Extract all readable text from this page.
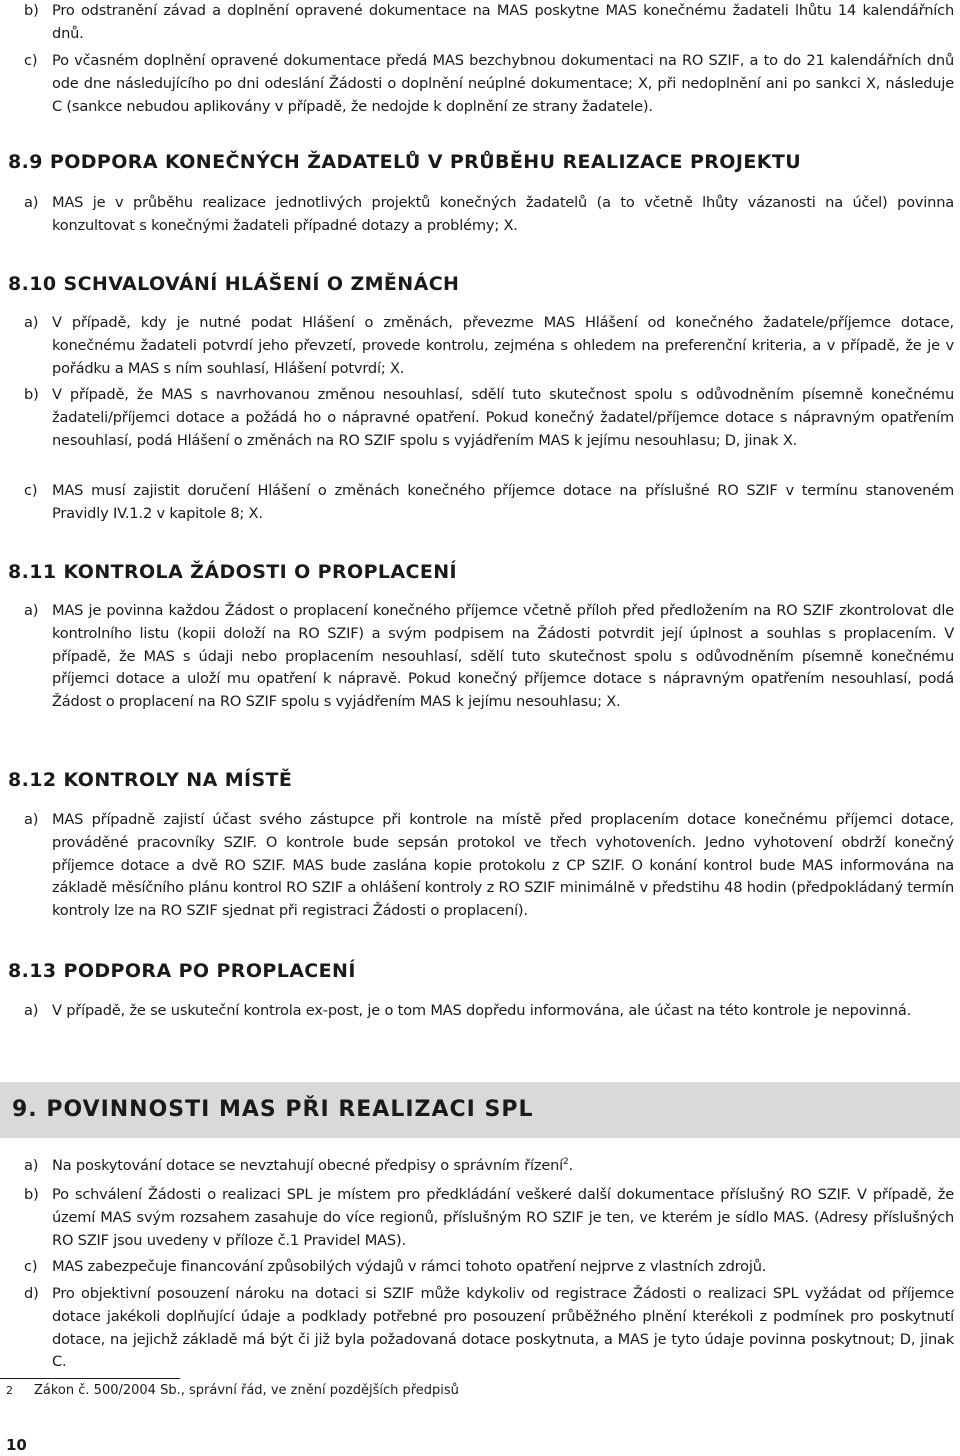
b) Pro odstranění závad a doplnění opravené dokumentace na MAS poskytne MAS konečnému žadateli lhůtu 14 kalendářních dnů.
c) Po včasném doplnění opravené dokumentace předá MAS bezchybnou dokumentaci na RO SZIF, a to do 21 kalendářních dnů ode dne následujícího po dni odeslání Žádosti o doplnění neúplné dokumentace; X, při nedoplnění ani po sankci X, následuje C (sankce nebudou aplikovány v případě, že nedojde k doplnění ze strany žadatele).
8.9 PODPORA KONEČNÝCH ŽADATELŮ V PRŮBĚHU REALIZACE PROJEKTU
a) MAS je v průběhu realizace jednotlivých projektů konečných žadatelů (a to včetně lhůty vázanosti na účel) povinna konzultovat s konečnými žadateli případné dotazy a problémy; X.
8.10 SCHVALOVÁNÍ HLÁŠENÍ O ZMĚNÁCH
a) V případě, kdy je nutné podat Hlášení o změnách, převezme MAS Hlášení od konečného žadatele/příjemce dotace, konečnému žadateli potvrdí jeho převzetí, provede kontrolu, zejména s ohledem na preferenční kriteria, a v případě, že je v pořádku a MAS s ním souhlasí, Hlášení potvrdí; X.
b) V případě, že MAS s navrhovanou změnou nesouhlasí, sdělí tuto skutečnost spolu s odůvodněním písemně konečnému žadateli/příjemci dotace a požádá ho o nápravné opatření. Pokud konečný žadatel/příjemce dotace s nápravným opatřením nesouhlasí, podá Hlášení o změnách na RO SZIF spolu s vyjádřením MAS k jejímu nesouhlasu; D, jinak X.
c) MAS musí zajistit doručení Hlášení o změnách konečného příjemce dotace na příslušné RO SZIF v termínu stanoveném Pravidly IV.1.2 v kapitole 8; X.
8.11 KONTROLA ŽÁDOSTI O PROPLACENÍ
a) MAS je povinna každou Žádost o proplacení konečného příjemce včetně příloh před předložením na RO SZIF zkontrolovat dle kontrolního listu (kopii doloží na RO SZIF) a svým podpisem na Žádosti potvrdit její úplnost a souhlas s proplacením. V případě, že MAS s údaji nebo proplacením nesouhlasí, sdělí tuto skutečnost spolu s odůvodněním písemně konečnému příjemci dotace a uloží mu opatření k nápravě. Pokud konečný příjemce dotace s nápravným opatřením nesouhlasí, podá Žádost o proplacení na RO SZIF spolu s vyjádřením MAS k jejímu nesouhlasu; X.
8.12 KONTROLY NA MÍSTĚ
a) MAS případně zajistí účast svého zástupce při kontrole na místě před proplacením dotace konečnému příjemci dotace, prováděné pracovníky SZIF. O kontrole bude sepsán protokol ve třech vyhotoveních. Jedno vyhotovení obdrží konečný příjemce dotace a dvě RO SZIF. MAS bude zaslána kopie protokolu z CP SZIF. O konání kontrol bude MAS informována na základě měsíčního plánu kontrol RO SZIF a ohlášení kontroly z RO SZIF minimálně v předstihu 48 hodin (předpokládaný termín kontroly lze na RO SZIF sjednat při registraci Žádosti o proplacení).
8.13 PODPORA PO PROPLACENÍ
a) V případě, že se uskuteční kontrola ex-post, je o tom MAS dopředu informována, ale účast na této kontrole je nepovinná.
9. POVINNOSTI MAS PŘI REALIZACI SPL
a) Na poskytování dotace se nevztahují obecné předpisy o správním řízení$^2$.
b) Po schválení Žádosti o realizaci SPL je místem pro předkládání veškeré další dokumentace příslušný RO SZIF. V případě, že území MAS svým rozsahem zasahuje do více regionů, příslušným RO SZIF je ten, ve kterém je sídlo MAS. (Adresy příslušných RO SZIF jsou uvedeny v příloze č.1 Pravidel MAS).
c) MAS zabezpečuje financování způsobilých výdajů v rámci tohoto opatření nejprve z vlastních zdrojů.
d) Pro objektivní posouzení nároku na dotaci si SZIF může kdykoliv od registrace Žádosti o realizaci SPL vyžádat od příjemce dotace jakékoli doplňující údaje a podklady potřebné pro posouzení průběžného plnění kterékoli z podmínek pro poskytnutí dotace, na jejichž základě má být či již byla požadovaná dotace poskytnuta, a MAS je tyto údaje povinna poskytnout; D, jinak C.
2 Zákon č. 500/2004 Sb., správní řád, ve znění pozdějších předpisů
10
